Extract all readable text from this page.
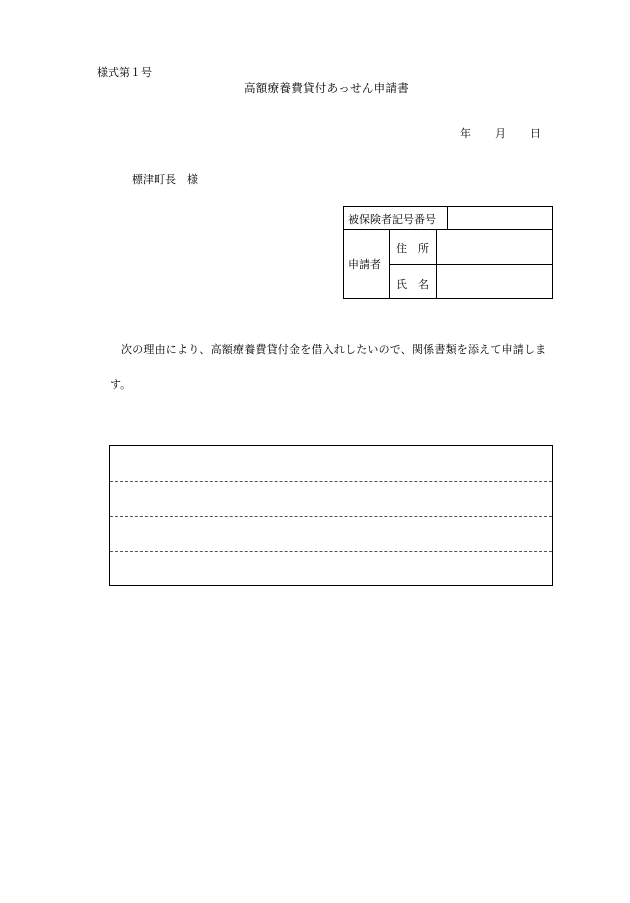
様式第１号
高額療養費貸付あっせん申請書
年 月 日
標津町長　様
被保険者記号番号
申請者
住　所
氏　名
次の理由により、高額療養費貸付金を借入れしたいので、関係書類を添えて申請しま
す。
